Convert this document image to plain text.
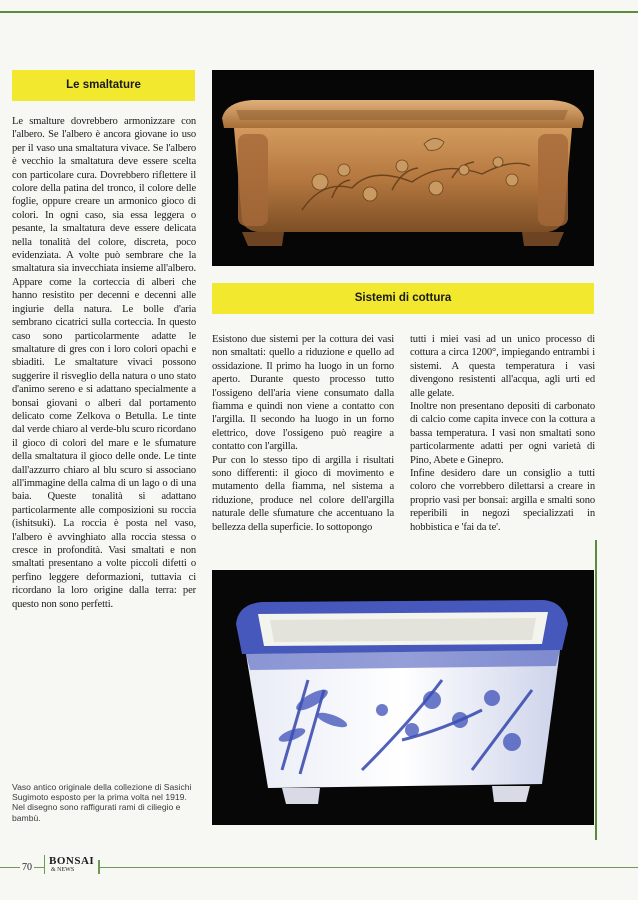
Le smaltature

Le smalture dovrebbero armonizzare con l'albero. Se l'albero è ancora giovane io uso per il vaso una smaltatura vivace. Se l'albero è vecchio la smaltatura deve essere scelta con particolare cura. Dovrebbero riflettere il colore della patina del tronco, il colore delle foglie, oppure creare un armonico gioco di colori. In ogni caso, sia essa leggera o pesante, la smaltatura deve essere delicata nella tonalità del colore, discreta, poco evidenziata. A volte può sembrare che la smaltatura sia invecchiata insieme all'albero. Appare come la corteccia di alberi che hanno resistito per decenni e decenni alle ingiurie della natura. Le bolle d'aria sembrano cicatrici sulla corteccia. In questo caso sono particolarmente adatte le smaltature di gres con i loro colori opachi e sbiaditi. Le smaltature vivaci possono suggerire il risveglio della natura o uno stato d'animo sereno e si adattano specialmente a bonsai giovani o alberi dal portamento delicato come Zelkova o Betulla. Le tinte dal verde chiaro al verde-blu scuro ricordano il gioco di colori del mare e le sfumature della smaltatura il gioco delle onde. Le tinte dall'azzurro chiaro al blu scuro si associano all'immagine della calma di un lago o di una baia. Queste tonalità si adattano particolarmente alle composizioni su roccia (ishitsuki). La roccia è posta nel vaso, l'albero è avvinghiato alla roccia stessa o cresce in profondità. Vasi smaltati e non smaltati presentano a volte piccoli difetti o perfino leggere deformazioni, tuttavia ci ricordano la loro origine dalla terra: per questo non sono perfetti.

Sistemi di cottura

Esistono due sistemi per la cottura dei vasi non smaltati: quello a riduzione e quello ad ossidazione. Il primo ha luogo in un forno aperto. Durante questo processo tutto l'ossigeno dell'aria viene consumato dalla fiamma e quindi non viene a contatto con l'argilla. Il secondo ha luogo in un forno elettrico, dove l'ossigeno può reagire a contatto con l'argilla.

Pur con lo stesso tipo di argilla i risultati sono differenti: il gioco di movimento e mutamento della fiamma, nel sistema a riduzione, produce nel colore dell'argilla naturale delle sfumature che accentuano la bellezza della superficie. Io sottopongo

tutti i miei vasi ad un unico processo di cottura a circa 1200°, impiegando entrambi i sistemi. A questa temperatura i vasi divengono resistenti all'acqua, agli urti ed alle gelate.

Inoltre non presentano depositi di carbonato di calcio come capita invece con la cottura a bassa temperatura. I vasi non smaltati sono particolarmente adatti per ogni varietà di Pino, Abete e Ginepro.

Infine desidero dare un consiglio a tutti coloro che vorrebbero dilettarsi a creare in proprio vasi per bonsai: argilla e smalti sono reperibili in negozi specializzati in hobbistica e 'fai da te'.

Vaso antico originale della collezione di Sasichi Sugimoto esposto per la prima volta nel 1919. Nel disegno sono raffigurati rami di ciliegio e bambù.
70
BONSAI
& NEWS
